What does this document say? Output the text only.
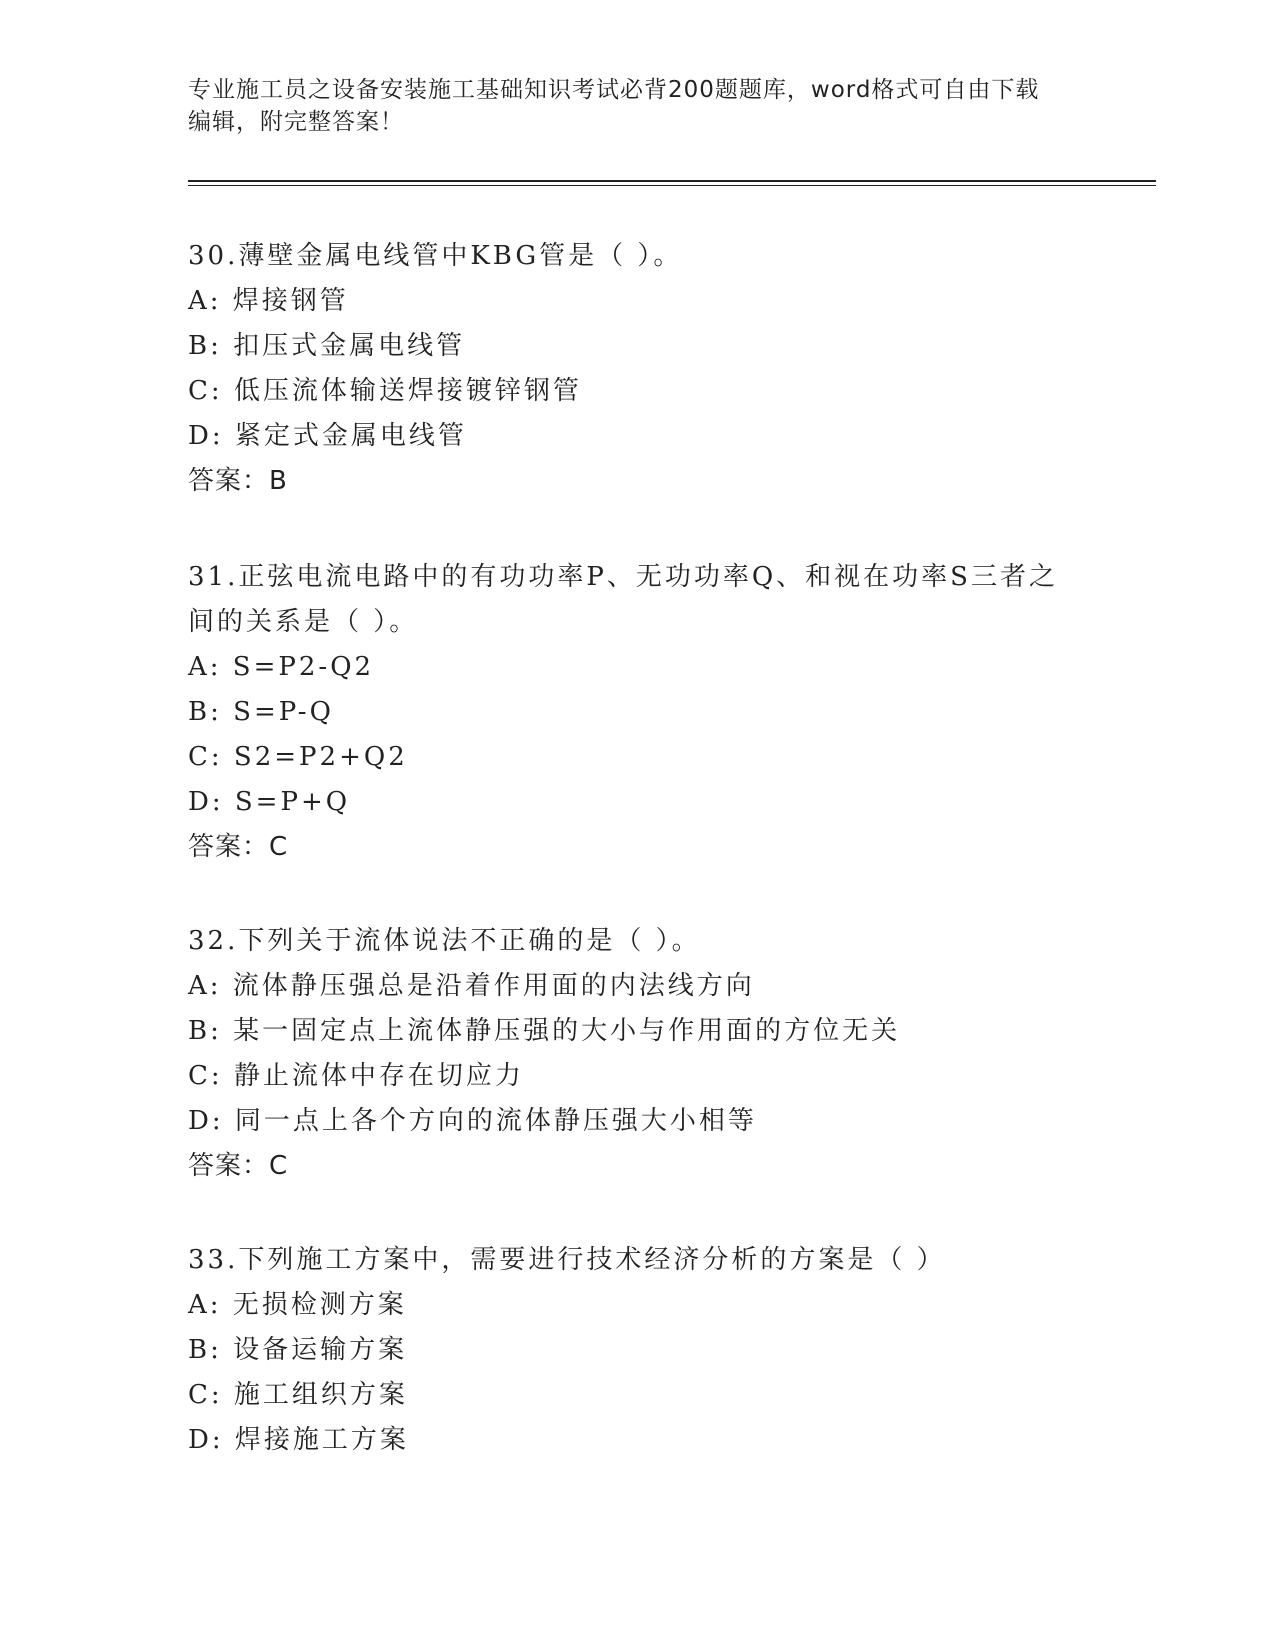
专业施工员之设备安装施工基础知识考试必背200题题库，word格式可自由下载
编辑，附完整答案！

30.薄壁金属电线管中KBG管是（ ）。

A: 焊接钢管

B: 扣压式金属电线管

C: 低压流体输送焊接镀锌钢管

D: 紧定式金属电线管

答案：B

31.正弦电流电路中的有功功率P、无功功率Q、和视在功率S三者之

间的关系是（ ）。

A: S=P2-Q2

B: S=P-Q

C: S2=P2+Q2

D: S=P+Q

答案：C

32.下列关于流体说法不正确的是（ ）。

A: 流体静压强总是沿着作用面的内法线方向

B: 某一固定点上流体静压强的大小与作用面的方位无关

C: 静止流体中存在切应力

D: 同一点上各个方向的流体静压强大小相等

答案：C

33.下列施工方案中，需要进行技术经济分析的方案是（ ）

A: 无损检测方案

B: 设备运输方案

C: 施工组织方案

D: 焊接施工方案
